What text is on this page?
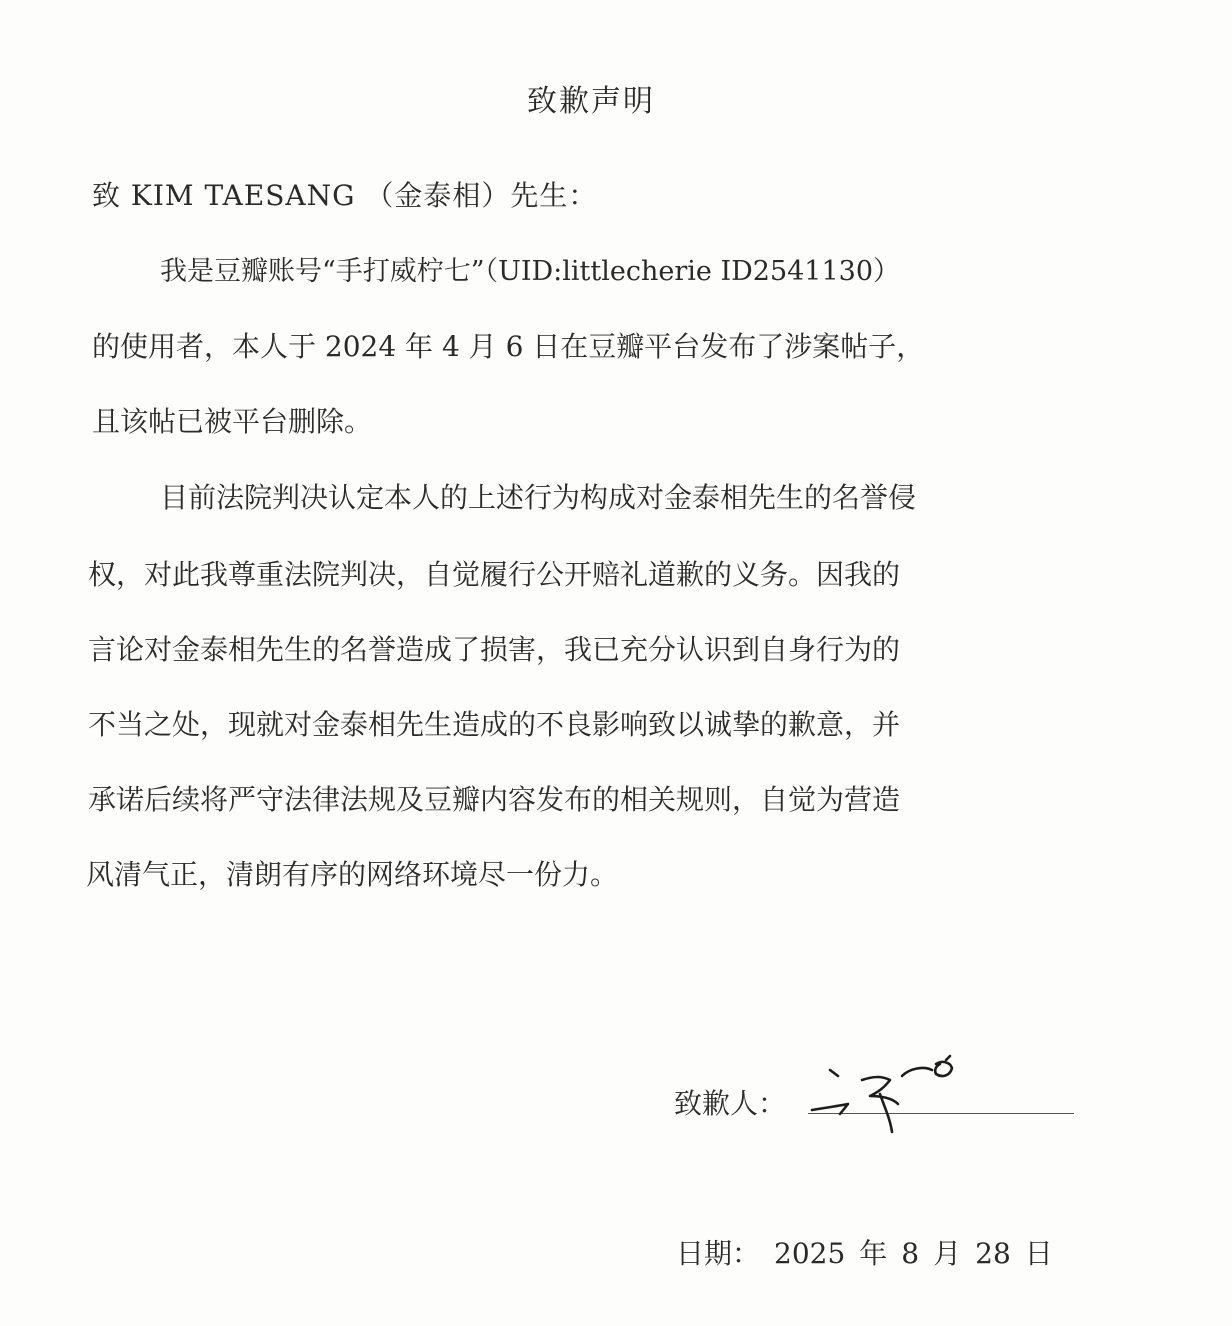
致歉声明
致 KIM TAESANG （金泰相）先生：
我是豆瓣账号“手打威柠七”（UID:littlecherie ID2541130）
的使用者，本人于 2024 年 4 月 6 日在豆瓣平台发布了涉案帖子，
且该帖已被平台删除。
目前法院判决认定本人的上述行为构成对金泰相先生的名誉侵
权，对此我尊重法院判决，自觉履行公开赔礼道歉的义务。因我的
言论对金泰相先生的名誉造成了损害，我已充分认识到自身行为的
不当之处，现就对金泰相先生造成的不良影响致以诚挚的歉意，并
承诺后续将严守法律法规及豆瓣内容发布的相关规则，自觉为营造
风清气正，清朗有序的网络环境尽一份力。
致歉人：
日期： 2025 年 8 月 28 日
